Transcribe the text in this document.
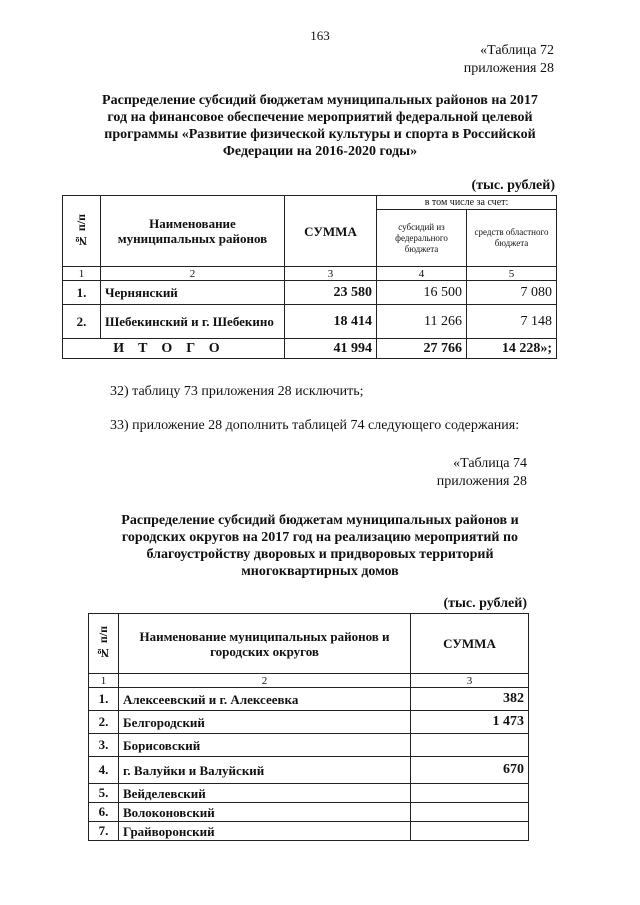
163
«Таблица 72
приложения 28
Распределение субсидий бюджетам муниципальных районов на 2017
год на финансовое обеспечение мероприятий федеральной целевой
программы «Развитие физической культуры и спорта в Российской
Федерации на 2016-2020 годы»
(тыс. рублей)
№ п/п	Наименование муниципальных районов	СУММА	в том числе за счет:	
			субсидий из федерального бюджета	средств областного бюджета
1	2	3	4	5
1.	Чернянский	23 580	16 500	7 080
2.	Шебекинский и г. Шебекино	18 414	11 266	7 148
ИТОГО		41 994	27 766	14 228»;
32) таблицу 73 приложения 28 исключить;
33) приложение 28 дополнить таблицей 74 следующего содержания:
«Таблица 74
приложения 28
Распределение субсидий бюджетам муниципальных районов и
городских округов на 2017 год на реализацию мероприятий по
благоустройству дворовых и придворовых территорий
многоквартирных домов
(тыс. рублей)
№ п/п	Наименование муниципальных районов и городских округов	СУММА
1	2	3
1.	Алексеевский и г. Алексеевка	382
2.	Белгородский	1 473
3.	Борисовский	
4.	г. Валуйки и Валуйский	670
5.	Вейделевский	
6.	Волоконовский	
7.	Грайворонский	
